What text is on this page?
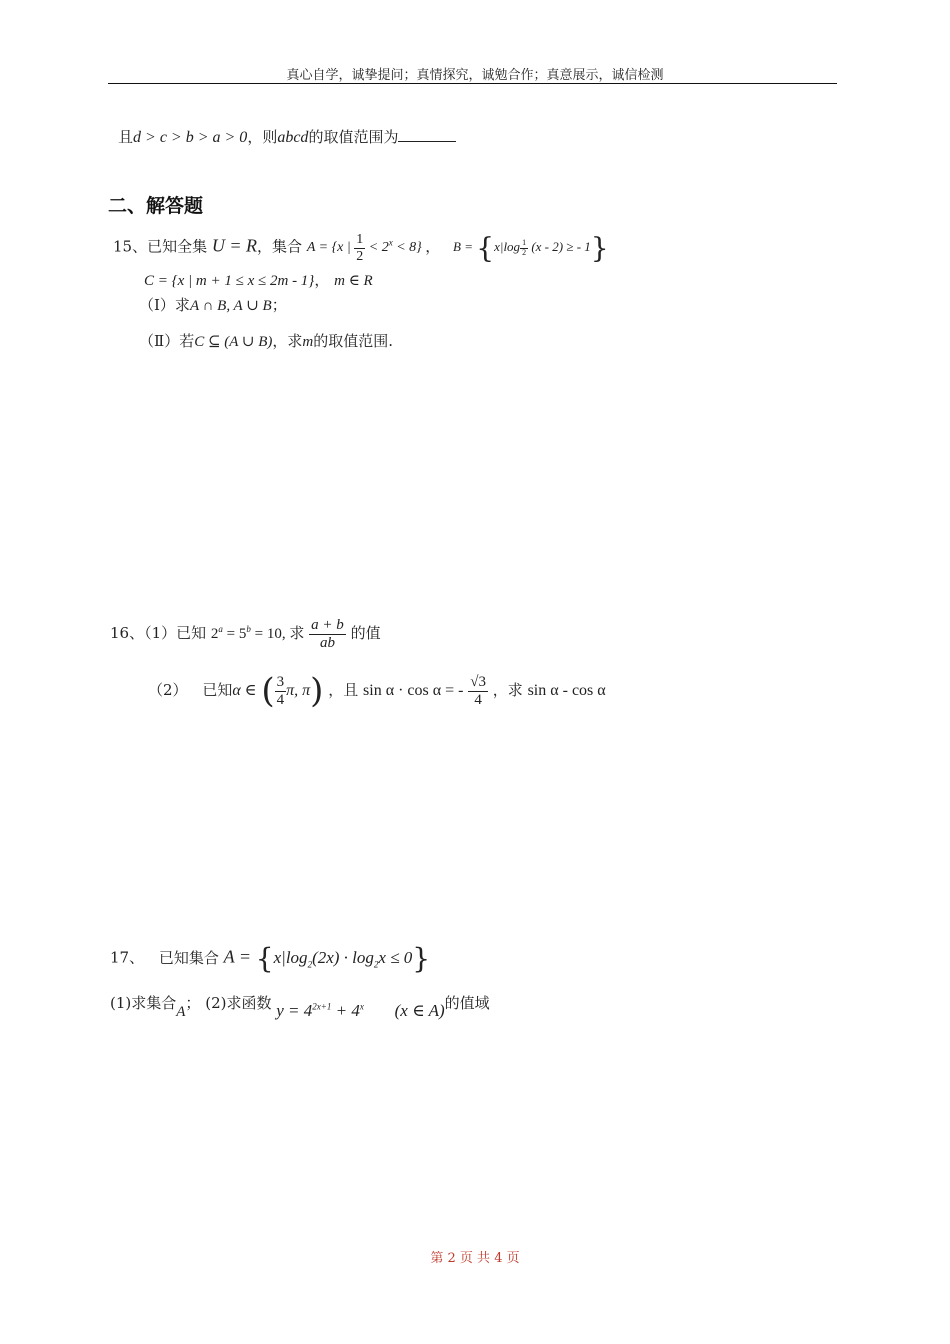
真心自学，诚挚提问；真情探究，诚勉合作；真意展示，诚信检测
且d > c > b > a > 0，则abcd的取值范围为
二、解答题
15、已知全集 U = R，集合 A = {x | $\frac{1}{2} < 2^x < 8$} ， $B = \{x|\log \frac{1}{2} (x - 2)$ ≥ - 1}
C = {x | m + 1 ≤ x ≤ 2m - 1}， m ∈ R
（Ⅰ）求A ∩ B, A ∪ B；
（Ⅱ）若C ⊆ (A ∪ B)，求m的取值范围.
16、（1）已知 $2^a = 5^b = 10$, 求 $\frac{a + b}{ab}$ 的值
（2） 已知α ∈ ( $\frac{3}{4} \pi$, π) ，且 sin α · cos α = - $\frac{√3}{4}$ ，求 sin α - cos α
17、 已知集合 $A = \{x|\log_2(2x) \cdot \log_2x \le 0\}$
(1)求集合A； (2)求函数 $y = 4^{2x+1} + 4^x$ (x ∈ A)的值域
第 2 页 共 4 页
